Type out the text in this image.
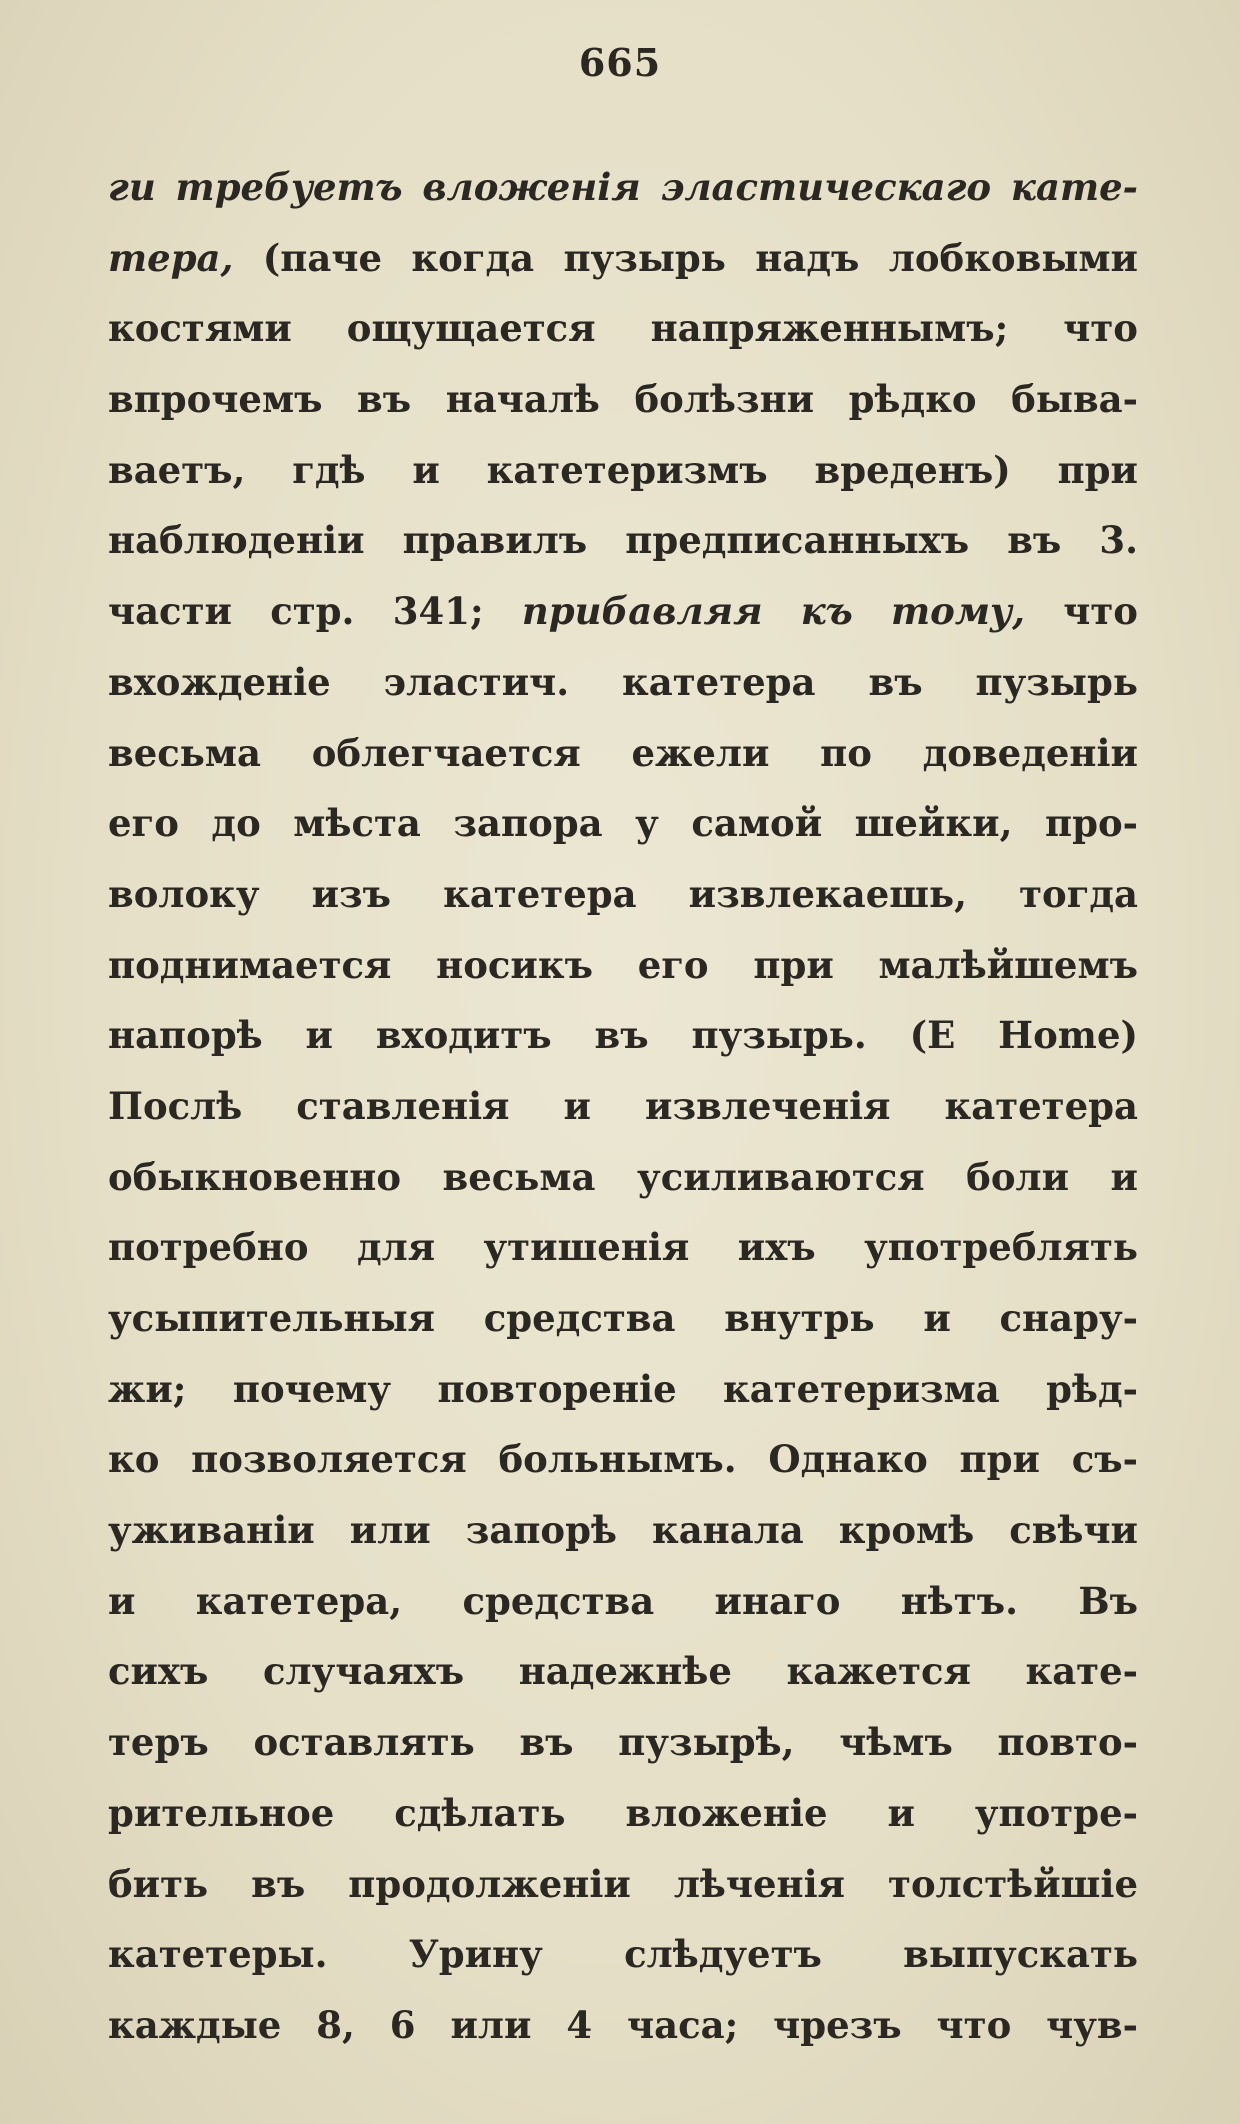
665
ги требуетъ вложенія эластическаго кате-
тера, (паче когда пузырь надъ лобковыми
костями ощущается напряженнымъ; что
впрочемъ въ началѣ болѣзни рѣдко быва-
ваетъ, гдѣ и катетеризмъ вреденъ) при
наблюденіи правилъ предписанныхъ въ 3.
части стр. 341; прибавляя къ тому, что
вхожденіе эластич. катетера въ пузырь
весьма облегчается ежели по доведеніи
его до мѣста запора у самой шейки, про-
волоку изъ катетера извлекаешь, тогда
поднимается носикъ его при малѣйшемъ
напорѣ и входитъ въ пузырь. (E Home)
Послѣ ставленія и извлеченія катетера
обыкновенно весьма усиливаются боли и
потребно для утишенія ихъ употреблять
усыпительныя средства внутрь и снару-
жи; почему повтореніе катетеризма рѣд-
ко позволяется больнымъ. Однако при съ-
уживаніи или запорѣ канала кромѣ свѣчи
и катетера, средства инаго нѣтъ. Въ
сихъ случаяхъ надежнѣе кажется кате-
теръ оставлять въ пузырѣ, чѣмъ повто-
рительное сдѣлать вложеніе и употре-
бить въ продолженіи лѣченія толстѣйшіе
катетеры. Урину слѣдуетъ выпускать
каждые 8, 6 или 4 часа; чрезъ что чув-
